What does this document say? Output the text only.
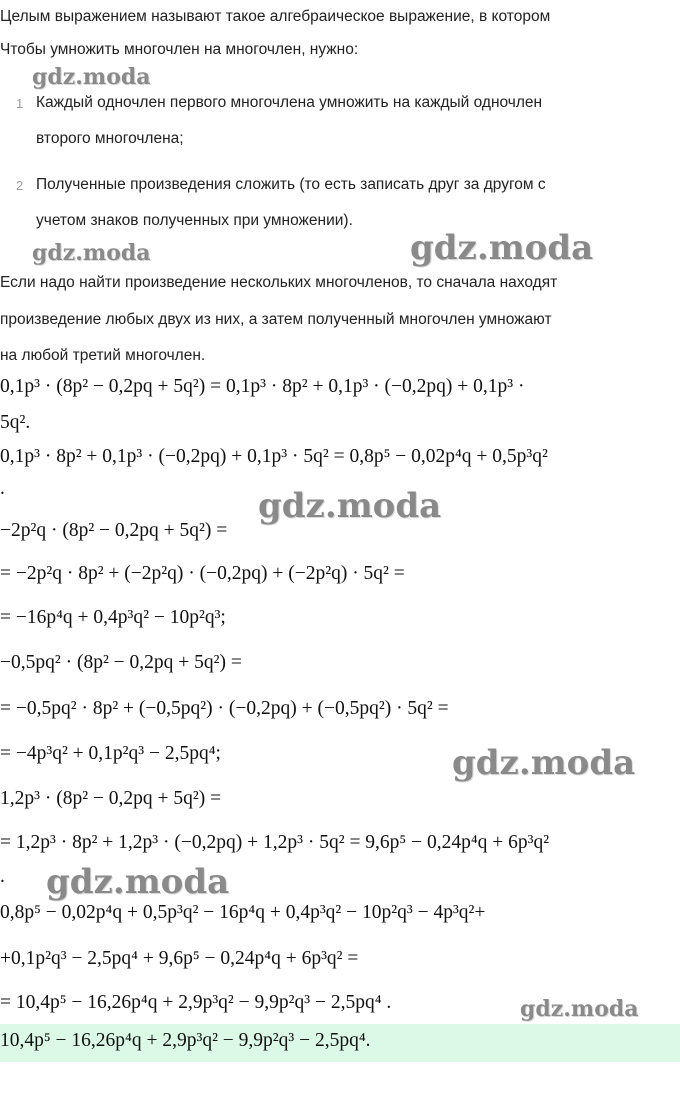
Целым выражением называют такое алгебраическое выражение, в котором
Чтобы умножить многочлен на многочлен, нужно:
1 Каждый одночлен первого многочлена умножить на каждый одночлен
второго многочлена;
2 Полученные произведения сложить (то есть записать друг за другом с
учетом знаков полученных при умножении).
Если надо найти произведение нескольких многочленов, то сначала находят
произведение любых двух из них, а затем полученный многочлен умножают
на любой третий многочлен.
0,1p³ · (8p² − 0,2pq + 5q²) = 0,1p³ · 8p² + 0,1p³ · (−0,2pq) + 0,1p³ ·
5q².
0,1p³ · 8p² + 0,1p³ · (−0,2pq) + 0,1p³ · 5q² = 0,8p⁵ − 0,02p⁴q + 0,5p³q²
.
−2p²q · (8p² − 0,2pq + 5q²) =
= −2p²q · 8p² + (−2p²q) · (−0,2pq) + (−2p²q) · 5q² =
= −16p⁴q + 0,4p³q² − 10p²q³;
−0,5pq² · (8p² − 0,2pq + 5q²) =
= −0,5pq² · 8p² + (−0,5pq²) · (−0,2pq) + (−0,5pq²) · 5q² =
= −4p³q² + 0,1p²q³ − 2,5pq⁴;
1,2p³ · (8p² − 0,2pq + 5q²) =
= 1,2p³ · 8p² + 1,2p³ · (−0,2pq) + 1,2p³ · 5q² = 9,6p⁵ − 0,24p⁴q + 6p³q²
.
0,8p⁵ − 0,02p⁴q + 0,5p³q² − 16p⁴q + 0,4p³q² − 10p²q³ − 4p³q²+
+0,1p²q³ − 2,5pq⁴ + 9,6p⁵ − 0,24p⁴q + 6p³q² =
= 10,4p⁵ − 16,26p⁴q + 2,9p³q² − 9,9p²q³ − 2,5pq⁴ .
10,4p⁵ − 16,26p⁴q + 2,9p³q² − 9,9p²q³ − 2,5pq⁴.
gdz.moda
gdz.moda	gdz.moda
gdz.moda
gdz.moda
gdz.moda
gdz.moda
